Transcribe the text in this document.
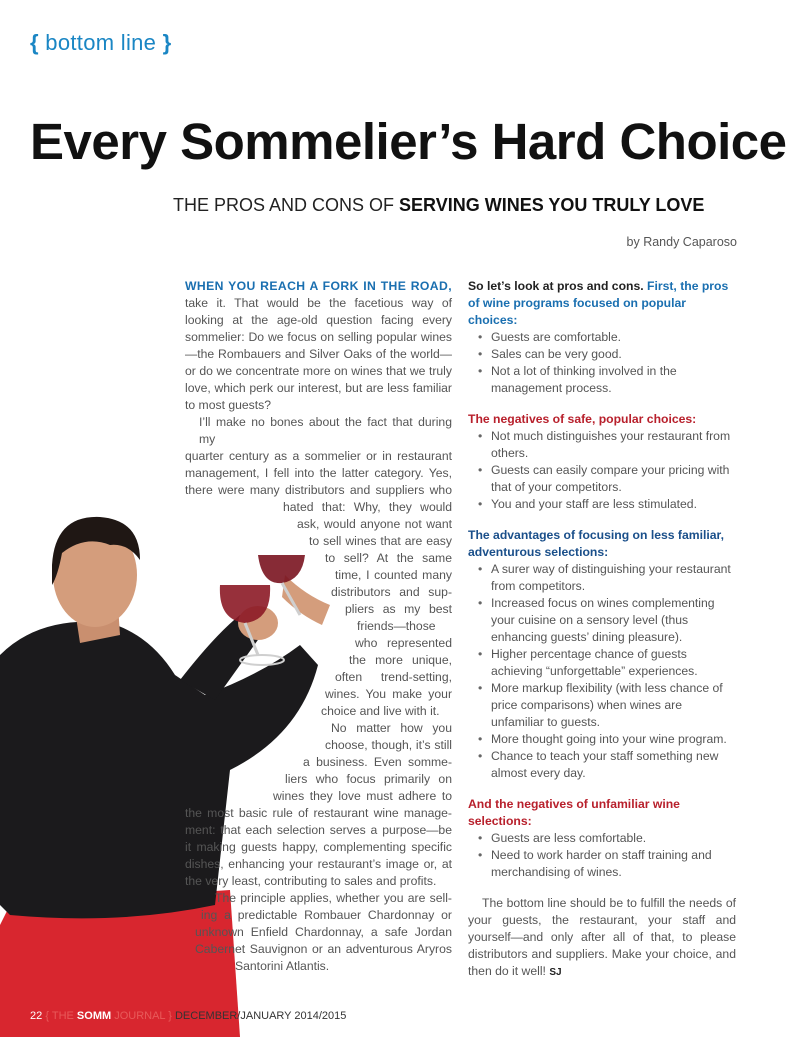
{ bottom line }
Every Sommelier’s Hard Choice
THE PROS AND CONS OF SERVING WINES YOU TRULY LOVE
by Randy Caparoso

WHEN YOU REACH A FORK IN THE ROAD, take it. That would be the facetious way of looking at the age-old question facing every sommelier: Do we focus on selling popular wines—the Rombauers and Silver Oaks of the world—or do we concentrate more on wines that we truly love, which perk our interest, but are less familiar to most guests?

I’ll make no bones about the fact that during my
quarter century as a sommelier or in restaurant
management, I fell into the latter category. Yes,
there were many distributors and suppliers who
hated that: Why, they would
ask, would anyone not want
to sell wines that are easy
to sell? At the same
time, I counted many
distributors and sup-
pliers as my best
friends—those
who represented
the more unique,
often trend-setting,
wines. You make your
choice and live with it.
No matter how you
choose, though, it’s still
a business. Even somme-
liers who focus primarily on
wines they love must adhere to
the most basic rule of restaurant wine manage-
ment: that each selection serves a purpose—be
it making guests happy, complementing specific
dishes, enhancing your restaurant’s image or, at
the very least, contributing to sales and profits.
The principle applies, whether you are sell-
ing a predictable Rombauer Chardonnay or
unknown Enfield Chardonnay, a safe Jordan
Cabernet Sauvignon or an adventurous Aryros
Santorini Atlantis.

So let’s look at pros and cons. First, the pros of wine programs focused on popular choices:

• Guests are comfortable.
• Sales can be very good.
• Not a lot of thinking involved in the management process.

The negatives of safe, popular choices:

• Not much distinguishes your restaurant from others.
• Guests can easily compare your pricing with that of your competitors.
• You and your staff are less stimulated.

The advantages of focusing on less familiar, adventurous selections:

• A surer way of distinguishing your restaurant from competitors.
• Increased focus on wines complementing your cuisine on a sensory level (thus enhancing guests’ dining pleasure).
• Higher percentage chance of guests achieving “unforgettable” experiences.
• More markup flexibility (with less chance of price comparisons) when wines are unfamiliar to guests.
• More thought going into your wine program.
• Chance to teach your staff something new almost every day.

And the negatives of unfamiliar wine selections:

• Guests are less comfortable.
• Need to work harder on staff training and merchandising of wines.

The bottom line should be to fulfill the needs of your guests, the restaurant, your staff and yourself—and only after all of that, to please distributors and suppliers. Make your choice, and then do it well! SJ

22 { THE SOMM JOURNAL } DECEMBER/JANUARY 2014/2015
